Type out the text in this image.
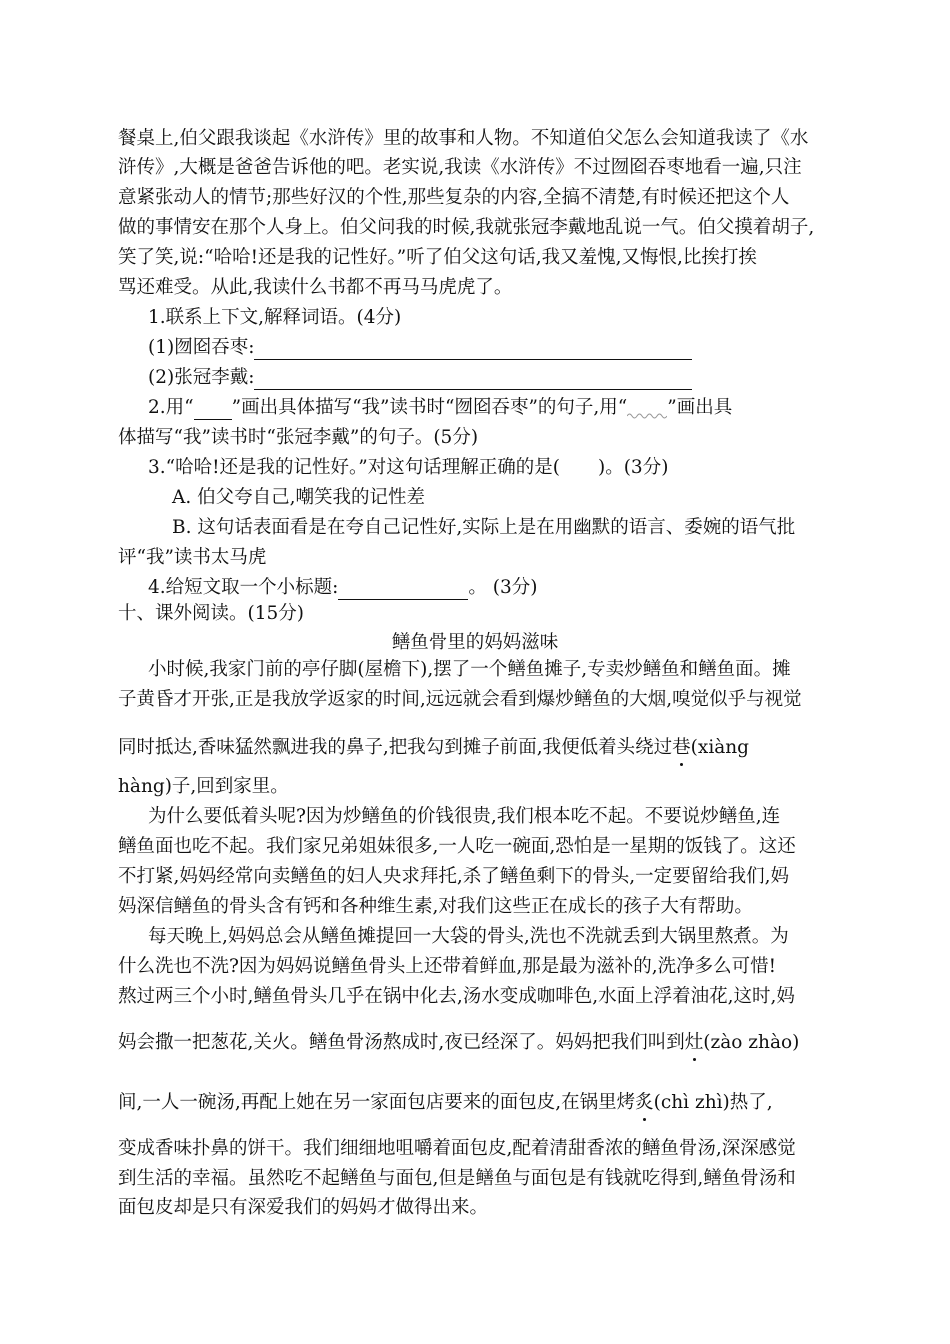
餐桌上,伯父跟我谈起《水浒传》里的故事和人物。不知道伯父怎么会知道我读了《水
浒传》,大概是爸爸告诉他的吧。老实说,我读《水浒传》不过囫囵吞枣地看一遍,只注
意紧张动人的情节;那些好汉的个性,那些复杂的内容,全搞不清楚,有时候还把这个人
做的事情安在那个人身上。伯父问我的时候,我就张冠李戴地乱说一气。伯父摸着胡子,
笑了笑,说:“哈哈!还是我的记性好。”听了伯父这句话,我又羞愧,又悔恨,比挨打挨
骂还难受。从此,我读什么书都不再马马虎虎了。
1.联系上下文,解释词语。(4分)
(1)囫囵吞枣:
(2)张冠李戴:
2.用“ ”画出具体描写“我”读书时“囫囵吞枣”的句子,用“ ”画出具
体描写“我”读书时“张冠李戴”的句子。(5分)
3.“哈哈!还是我的记性好。”对这句话理解正确的是( )。(3分)
A. 伯父夸自己,嘲笑我的记性差
B. 这句话表面看是在夸自己记性好,实际上是在用幽默的语言、委婉的语气批
评“我”读书太马虎
4.给短文取一个小标题:	。 (3分)
十、课外阅读。(15分)
鳝鱼骨里的妈妈滋味
小时候,我家门前的亭仔脚(屋檐下),摆了一个鳝鱼摊子,专卖炒鳝鱼和鳝鱼面。摊
子黄昏才开张,正是我放学返家的时间,远远就会看到爆炒鳝鱼的大烟,嗅觉似乎与视觉
同时抵达,香味猛然飘进我的鼻子,把我勾到摊子前面,我便低着头绕过巷(xiàng
hàng)子,回到家里。
为什么要低着头呢?因为炒鳝鱼的价钱很贵,我们根本吃不起。不要说炒鳝鱼,连
鳝鱼面也吃不起。我们家兄弟姐妹很多,一人吃一碗面,恐怕是一星期的饭钱了。这还
不打紧,妈妈经常向卖鳝鱼的妇人央求拜托,杀了鳝鱼剩下的骨头,一定要留给我们,妈
妈深信鳝鱼的骨头含有钙和各种维生素,对我们这些正在成长的孩子大有帮助。
每天晚上,妈妈总会从鳝鱼摊提回一大袋的骨头,洗也不洗就丢到大锅里熬煮。为
什么洗也不洗?因为妈妈说鳝鱼骨头上还带着鲜血,那是最为滋补的,洗净多么可惜!
熬过两三个小时,鳝鱼骨头几乎在锅中化去,汤水变成咖啡色,水面上浮着油花,这时,妈
妈会撒一把葱花,关火。鳝鱼骨汤熬成时,夜已经深了。妈妈把我们叫到灶(zào zhào)
间,一人一碗汤,再配上她在另一家面包店要来的面包皮,在锅里烤炙(chì zhì)热了,
变成香味扑鼻的饼干。我们细细地咀嚼着面包皮,配着清甜香浓的鳝鱼骨汤,深深感觉
到生活的幸福。虽然吃不起鳝鱼与面包,但是鳝鱼与面包是有钱就吃得到,鳝鱼骨汤和
面包皮却是只有深爱我们的妈妈才做得出来。
